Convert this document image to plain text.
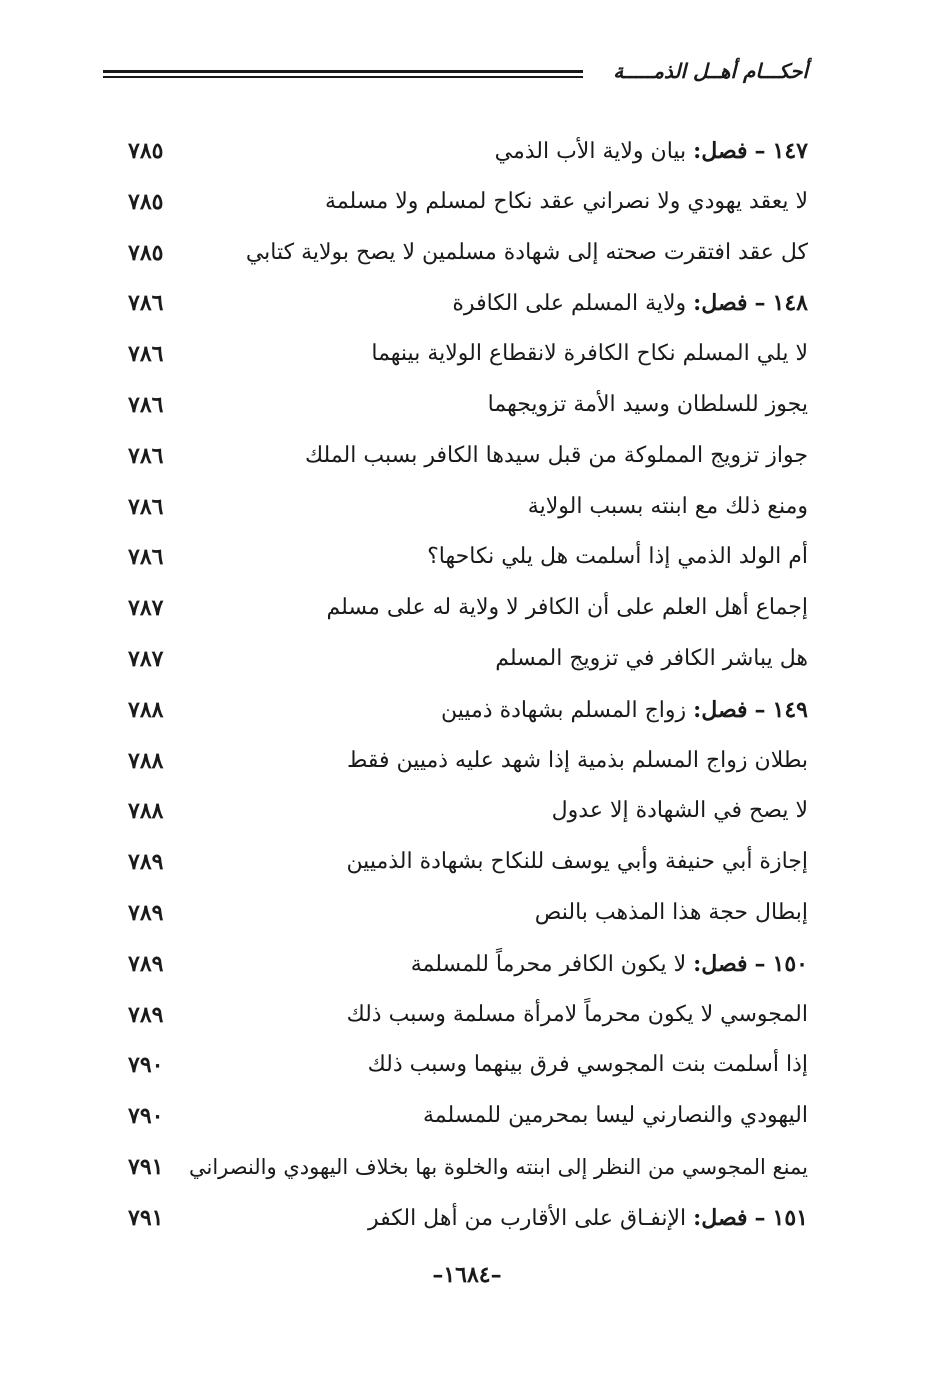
أحكـــام أهــل الذمـــــة
١٤٧ – فصل: بيان ولاية الأب الذمي
٧٨٥
لا يعقد يهودي ولا نصراني عقد نكاح لمسلم ولا مسلمة
٧٨٥
كل عقد افتقرت صحته إلى شهادة مسلمين لا يصح بولاية كتابي
٧٨٥
١٤٨ – فصل: ولاية المسلم على الكافرة
٧٨٦
لا يلي المسلم نكاح الكافرة لانقطاع الولاية بينهما
٧٨٦
يجوز للسلطان وسيد الأمة تزويجهما
٧٨٦
جواز تزويج المملوكة من قبل سيدها الكافر بسبب الملك
٧٨٦
ومنع ذلك مع ابنته بسبب الولاية
٧٨٦
أم الولد الذمي إذا أسلمت هل يلي نكاحها؟
٧٨٦
إجماع أهل العلم على أن الكافر لا ولاية له على مسلم
٧٨٧
هل يباشر الكافر في تزويج المسلم
٧٨٧
١٤٩ – فصل: زواج المسلم بشهادة ذميين
٧٨٨
بطلان زواج المسلم بذمية إذا شهد عليه ذميين فقط
٧٨٨
لا يصح في الشهادة إلا عدول
٧٨٨
إجازة أبي حنيفة وأبي يوسف للنكاح بشهادة الذميين
٧٨٩
إبطال حجة هذا المذهب بالنص
٧٨٩
١٥٠ – فصل: لا يكون الكافر محرماً للمسلمة
٧٨٩
المجوسي لا يكون محرماً لامرأة مسلمة وسبب ذلك
٧٨٩
إذا أسلمت بنت المجوسي فرق بينهما وسبب ذلك
٧٩٠
اليهودي والنصارني ليسا بمحرمين للمسلمة
٧٩٠
يمنع المجوسي من النظر إلى ابنته والخلوة بها بخلاف اليهودي والنصراني
٧٩١
١٥١ – فصل: الإنفـاق على الأقارب من أهل الكفر
٧٩١
–١٦٨٤–
